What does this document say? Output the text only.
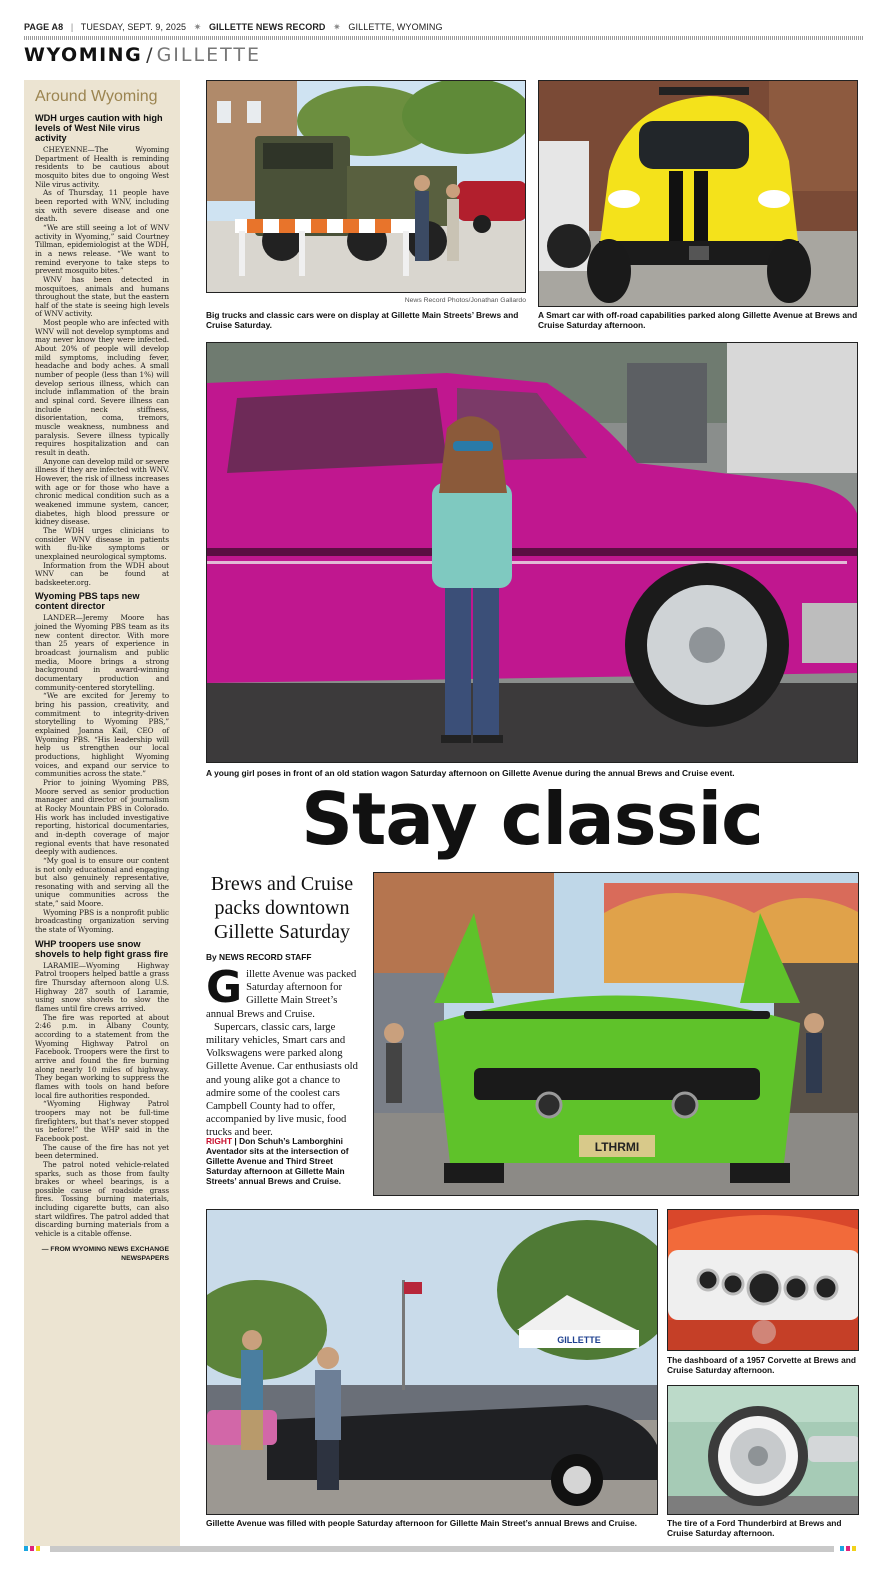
PAGE A8 | TUESDAY, SEPT. 9, 2025 ✷ GILLETTE NEWS RECORD ✷ GILLETTE, WYOMING
WYOMING / GILLETTE
Around Wyoming
WDH urges caution with high levels of West Nile virus activity

CHEYENNE—The Wyoming Department of Health is reminding residents to be cautious about mosquito bites due to ongoing West Nile virus activity.

As of Thursday, 11 people have been reported with WNV, including six with severe disease and one death.

“We are still seeing a lot of WNV activity in Wyoming,” said Courtney Tillman, epidemiologist at the WDH, in a news release. “We want to remind everyone to take steps to prevent mosquito bites.”

WNV has been detected in mosquitoes, animals and humans throughout the state, but the eastern half of the state is seeing high levels of WNV activity.

Most people who are infected with WNV will not develop symptoms and may never know they were infected. About 20% of people will develop mild symptoms, including fever, headache and body aches. A small number of people (less than 1%) will develop serious illness, which can include inflammation of the brain and spinal cord. Severe illness can include neck stiffness, disorientation, coma, tremors, muscle weakness, numbness and paralysis. Severe illness typically requires hospitalization and can result in death.

Anyone can develop mild or severe illness if they are infected with WNV. However, the risk of illness increases with age or for those who have a chronic medical condition such as a weakened immune system, cancer, diabetes, high blood pressure or kidney disease.

The WDH urges clinicians to consider WNV disease in patients with flu-like symptoms or unexplained neurological symptoms.

Information from the WDH about WNV can be found at badskeeter.org.

Wyoming PBS taps new content director

LANDER—Jeremy Moore has joined the Wyoming PBS team as its new content director. With more than 25 years of experience in broadcast journalism and public media, Moore brings a strong background in award-winning documentary production and community-centered storytelling.

“We are excited for Jeremy to bring his passion, creativity, and commitment to integrity-driven storytelling to Wyoming PBS,” explained Joanna Kail, CEO of Wyoming PBS. “His leadership will help us strengthen our local productions, highlight Wyoming voices, and expand our service to communities across the state.”

Prior to joining Wyoming PBS, Moore served as senior production manager and director of journalism at Rocky Mountain PBS in Colorado. His work has included investigative reporting, historical documentaries, and in-depth coverage of major regional events that have resonated deeply with audiences.

“My goal is to ensure our content is not only educational and engaging but also genuinely representative, resonating with and serving all the unique communities across the state,” said Moore.

Wyoming PBS is a nonprofit public broadcasting organization serving the state of Wyoming.

WHP troopers use snow shovels to help fight grass fire

LARAMIE—Wyoming Highway Patrol troopers helped battle a grass fire Thursday afternoon along U.S. Highway 287 south of Laramie, using snow shovels to slow the flames until fire crews arrived.

The fire was reported at about 2:46 p.m. in Albany County, according to a statement from the Wyoming Highway Patrol on Facebook. Troopers were the first to arrive and found the fire burning along nearly 10 miles of highway. They began working to suppress the flames with tools on hand before local fire authorities responded.

“Wyoming Highway Patrol troopers may not be full-time firefighters, but that’s never stopped us before!” the WHP said in the Facebook post.

The cause of the fire has not yet been determined.

The patrol noted vehicle-related sparks, such as those from faulty brakes or wheel bearings, is a possible cause of roadside grass fires. Tossing burning materials, including cigarette butts, can also start wildfires. The patrol added that discarding burning materials from a vehicle is a citable offense.

— FROM WYOMING NEWS EXCHANGE NEWSPAPERS
News Record Photos/Jonathan Gallardo
Big trucks and classic cars were on display at Gillette Main Streets’ Brews and Cruise Saturday.
A Smart car with off-road capabilities parked along Gillette Avenue at Brews and Cruise Saturday afternoon.
A young girl poses in front of an old station wagon Saturday afternoon on Gillette Avenue during the annual Brews and Cruise event.
Stay classic
Brews and Cruise packs downtown Gillette Saturday
By NEWS RECORD STAFF

Gillette Avenue was packed Saturday afternoon for Gillette Main Street’s annual Brews and Cruise.

Supercars, classic cars, large military vehicles, Smart cars and Volkswagens were parked along Gillette Avenue. Car enthusiasts old and young alike got a chance to admire some of the coolest cars Campbell County had to offer, accompanied by live music, food trucks and beer.

RIGHT | Don Schuh’s Lamborghini Aventador sits at the intersection of Gillette Avenue and Third Street Saturday afternoon at Gillette Main Streets’ annual Brews and Cruise.
LTHRMI
GILLETTE
Gillette Avenue was filled with people Saturday afternoon for Gillette Main Street’s annual Brews and Cruise.
The dashboard of a 1957 Corvette at Brews and Cruise Saturday afternoon.
The tire of a Ford Thunderbird at Brews and Cruise Saturday afternoon.
